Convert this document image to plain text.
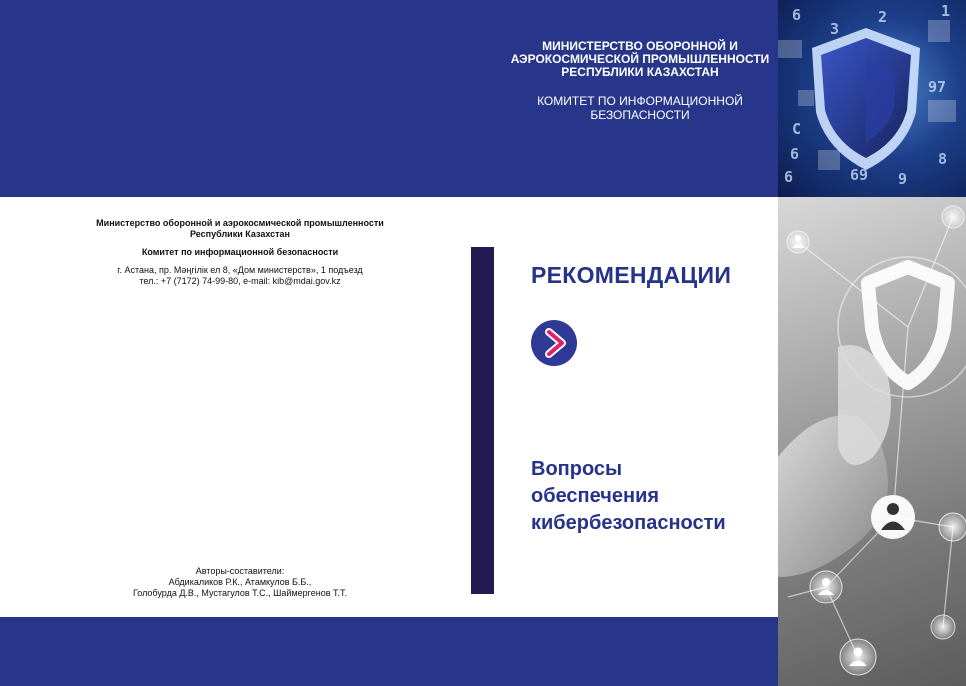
МИНИСТЕРСТВО ОБОРОННОЙ И
АЭРОКОСМИЧЕСКОЙ ПРОМЫШЛЕННОСТИ
РЕСПУБЛИКИ КАЗАХСТАН
КОМИТЕТ ПО ИНФОРМАЦИОННОЙ
БЕЗОПАСНОСТИ
6
97
1
C
6
69
2
8
6
3
9
Министерство оборонной и аэрокосмической промышленности
Республики Казахстан
Комитет по информационной безопасности
г. Астана, пр. Мәңгілік ел 8, «Дом министерств», 1 подъезд
тел.: +7 (7172) 74-99-80, e-mail: kib@mdai.gov.kz
Авторы-составители:
Абдикаликов Р.К., Атамкулов Б.Б.,
Голобурда Д.В., Мустагулов Т.С., Шаймергенов Т.Т.
РЕКОМЕНДАЦИИ
Вопросы
обеспечения
кибербезопасности
